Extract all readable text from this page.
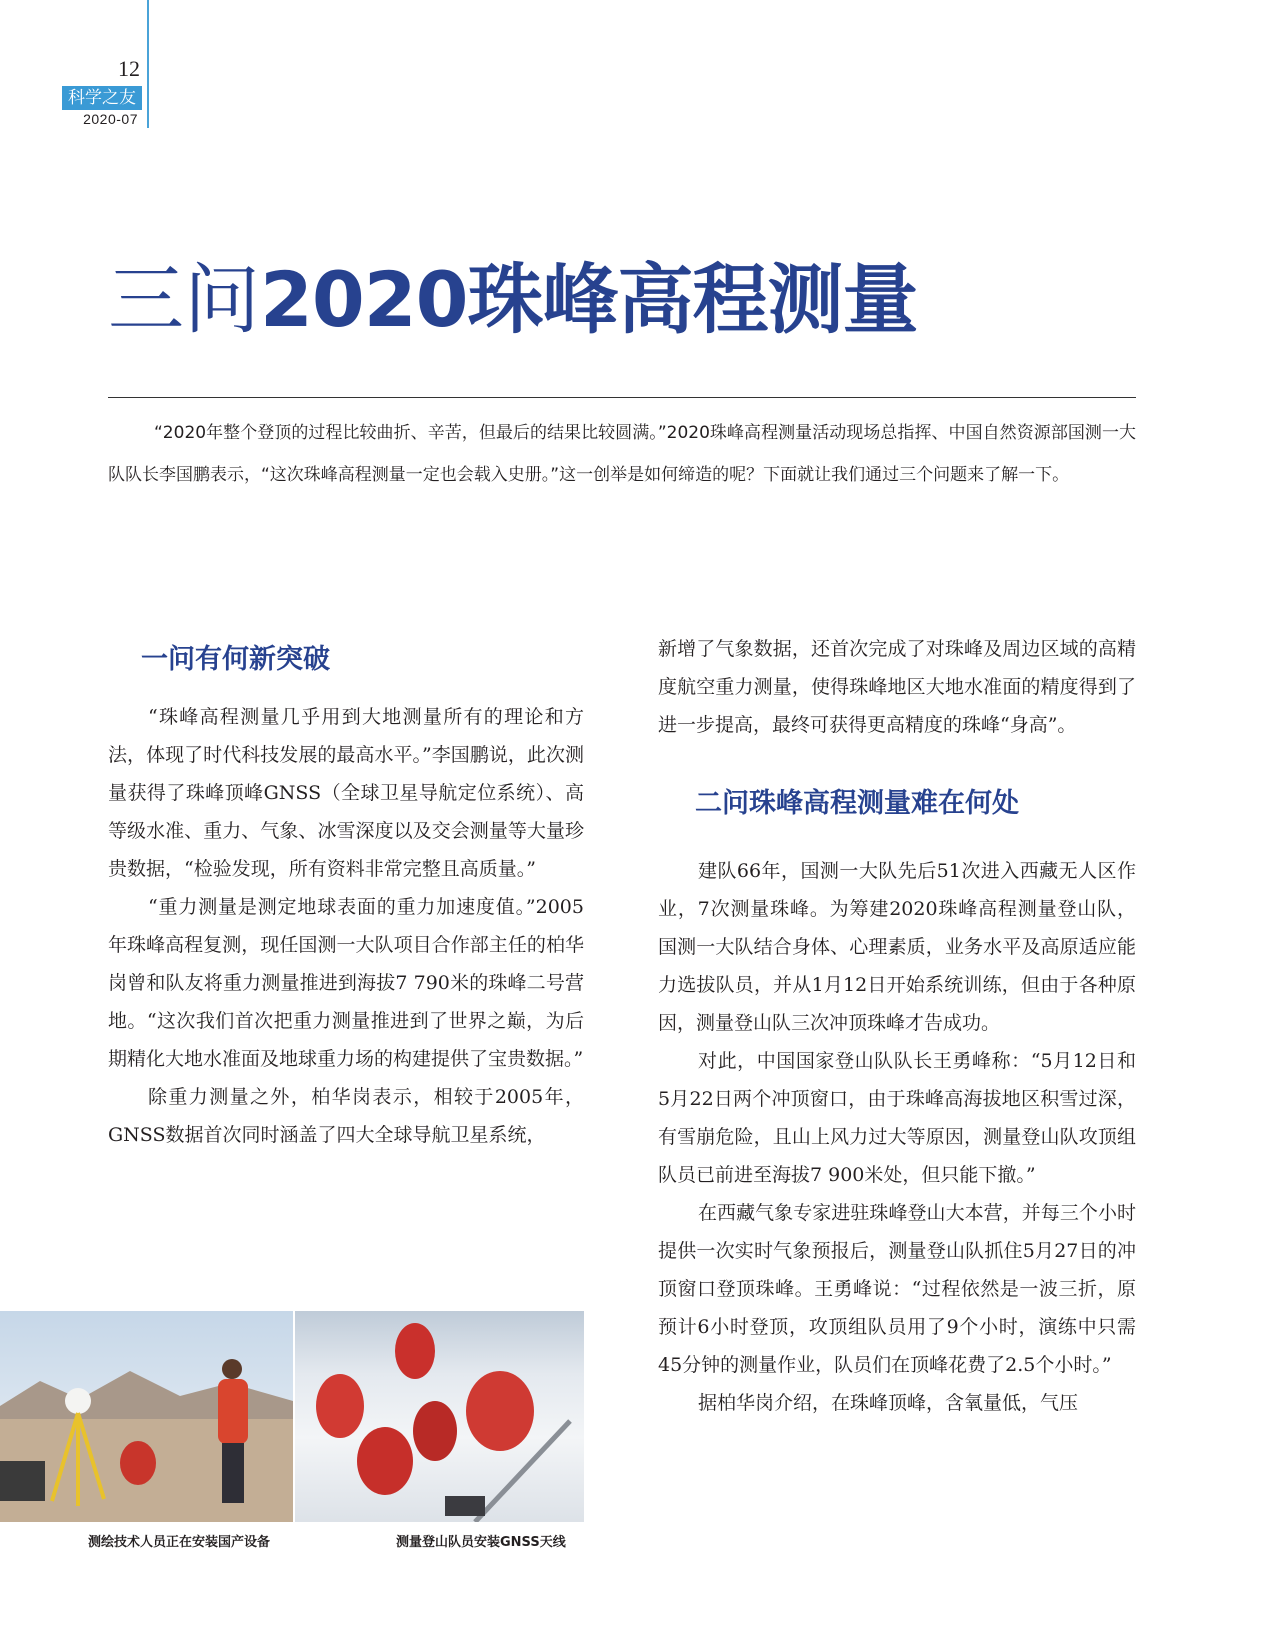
12
科学之友
2020-07
三问2020珠峰高程测量
“2020年整个登顶的过程比较曲折、辛苦，但最后的结果比较圆满。”2020珠峰高程测量活动现场总指挥、中国自然资源部国测一大队队长李国鹏表示，“这次珠峰高程测量一定也会载入史册。”这一创举是如何缔造的呢？下面就让我们通过三个问题来了解一下。
一问有何新突破

“珠峰高程测量几乎用到大地测量所有的理论和方法，体现了时代科技发展的最高水平。”李国鹏说，此次测量获得了珠峰顶峰GNSS（全球卫星导航定位系统）、高等级水准、重力、气象、冰雪深度以及交会测量等大量珍贵数据，“检验发现，所有资料非常完整且高质量。”

“重力测量是测定地球表面的重力加速度值。”2005年珠峰高程复测，现任国测一大队项目合作部主任的柏华岗曾和队友将重力测量推进到海拔7 790米的珠峰二号营地。“这次我们首次把重力测量推进到了世界之巅，为后期精化大地水准面及地球重力场的构建提供了宝贵数据。”

除重力测量之外，柏华岗表示，相较于2005年，GNSS数据首次同时涵盖了四大全球导航卫星系统，

新增了气象数据，还首次完成了对珠峰及周边区域的高精度航空重力测量，使得珠峰地区大地水准面的精度得到了进一步提高，最终可获得更高精度的珠峰“身高”。

二问珠峰高程测量难在何处

建队66年，国测一大队先后51次进入西藏无人区作业，7次测量珠峰。为筹建2020珠峰高程测量登山队，国测一大队结合身体、心理素质，业务水平及高原适应能力选拔队员，并从1月12日开始系统训练，但由于各种原因，测量登山队三次冲顶珠峰才告成功。

对此，中国国家登山队队长王勇峰称：“5月12日和5月22日两个冲顶窗口，由于珠峰高海拔地区积雪过深，有雪崩危险，且山上风力过大等原因，测量登山队攻顶组队员已前进至海拔7 900米处，但只能下撤。”

在西藏气象专家进驻珠峰登山大本营，并每三个小时提供一次实时气象预报后，测量登山队抓住5月27日的冲顶窗口登顶珠峰。王勇峰说：“过程依然是一波三折，原预计6小时登顶，攻顶组队员用了9个小时，演练中只需45分钟的测量作业，队员们在顶峰花费了2.5个小时。”

据柏华岗介绍，在珠峰顶峰，含氧量低，气压

测绘技术人员正在安装国产设备	测量登山队员安装GNSS天线
